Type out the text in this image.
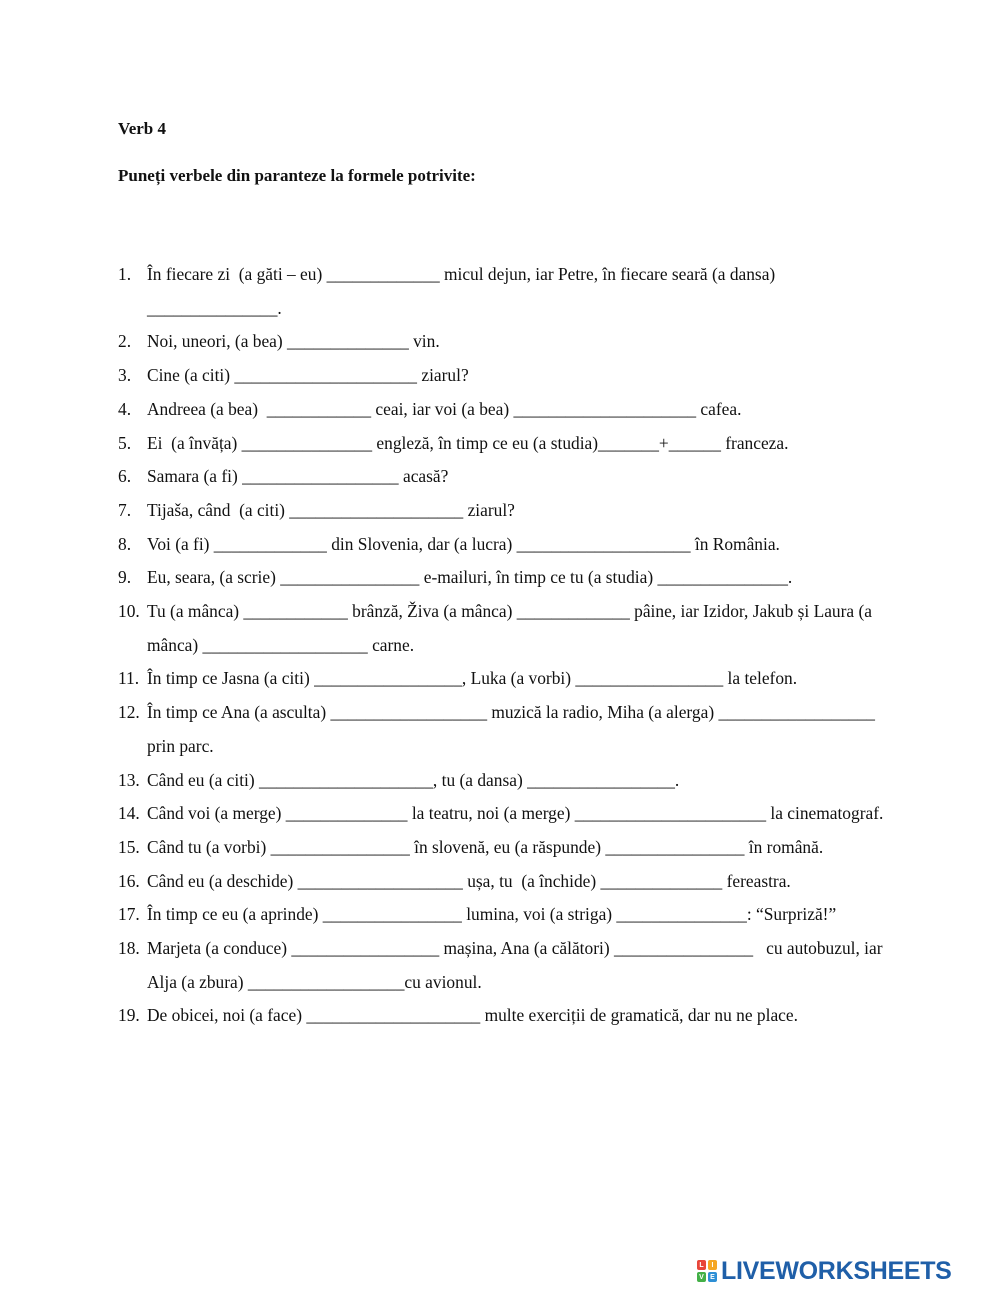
Verb 4

Puneți verbele din paranteze la formele potrivite:

1. În fiecare zi  (a găti – eu) _____________ micul dejun, iar Petre, în fiecare seară (a dansa) _______________.
2. Noi, uneori, (a bea) ______________ vin.
3. Cine (a citi) _____________________ ziarul?
4. Andreea (a bea)  ____________ ceai, iar voi (a bea) _____________________ cafea.
5. Ei  (a învăța) _______________ engleză, în timp ce eu (a studia)_______+______ franceza.
6. Samara (a fi) __________________ acasă?
7. Tijaša, când  (a citi) ____________________ ziarul?
8. Voi (a fi) _____________ din Slovenia, dar (a lucra) ____________________ în România.
9. Eu, seara, (a scrie) ________________ e-mailuri, în timp ce tu (a studia) _______________.
10. Tu (a mânca) ____________ brânză, Živa (a mânca) _____________ pâine, iar Izidor, Jakub și Laura (a mânca) ___________________ carne.
11. În timp ce Jasna (a citi) _________________, Luka (a vorbi) _________________ la telefon.
12. În timp ce Ana (a asculta) __________________ muzică la radio, Miha (a alerga) __________________ prin parc.
13. Când eu (a citi) ____________________, tu (a dansa) _________________.
14. Când voi (a merge) ______________ la teatru, noi (a merge) ______________________ la cinematograf.
15. Când tu (a vorbi) ________________ în slovenă, eu (a răspunde) ________________ în română.
16. Când eu (a deschide) ___________________ ușa, tu  (a închide) ______________ fereastra.
17. În timp ce eu (a aprinde) ________________ lumina, voi (a striga) _______________: “Surpriză!”
18. Marjeta (a conduce) _________________ mașina, Ana (a călători) ________________   cu autobuzul, iar Alja (a zbura) __________________cu avionul.
19. De obicei, noi (a face) ____________________ multe exerciții de gramatică, dar nu ne place.
L	I
V E LIVEWORKSHEETS
